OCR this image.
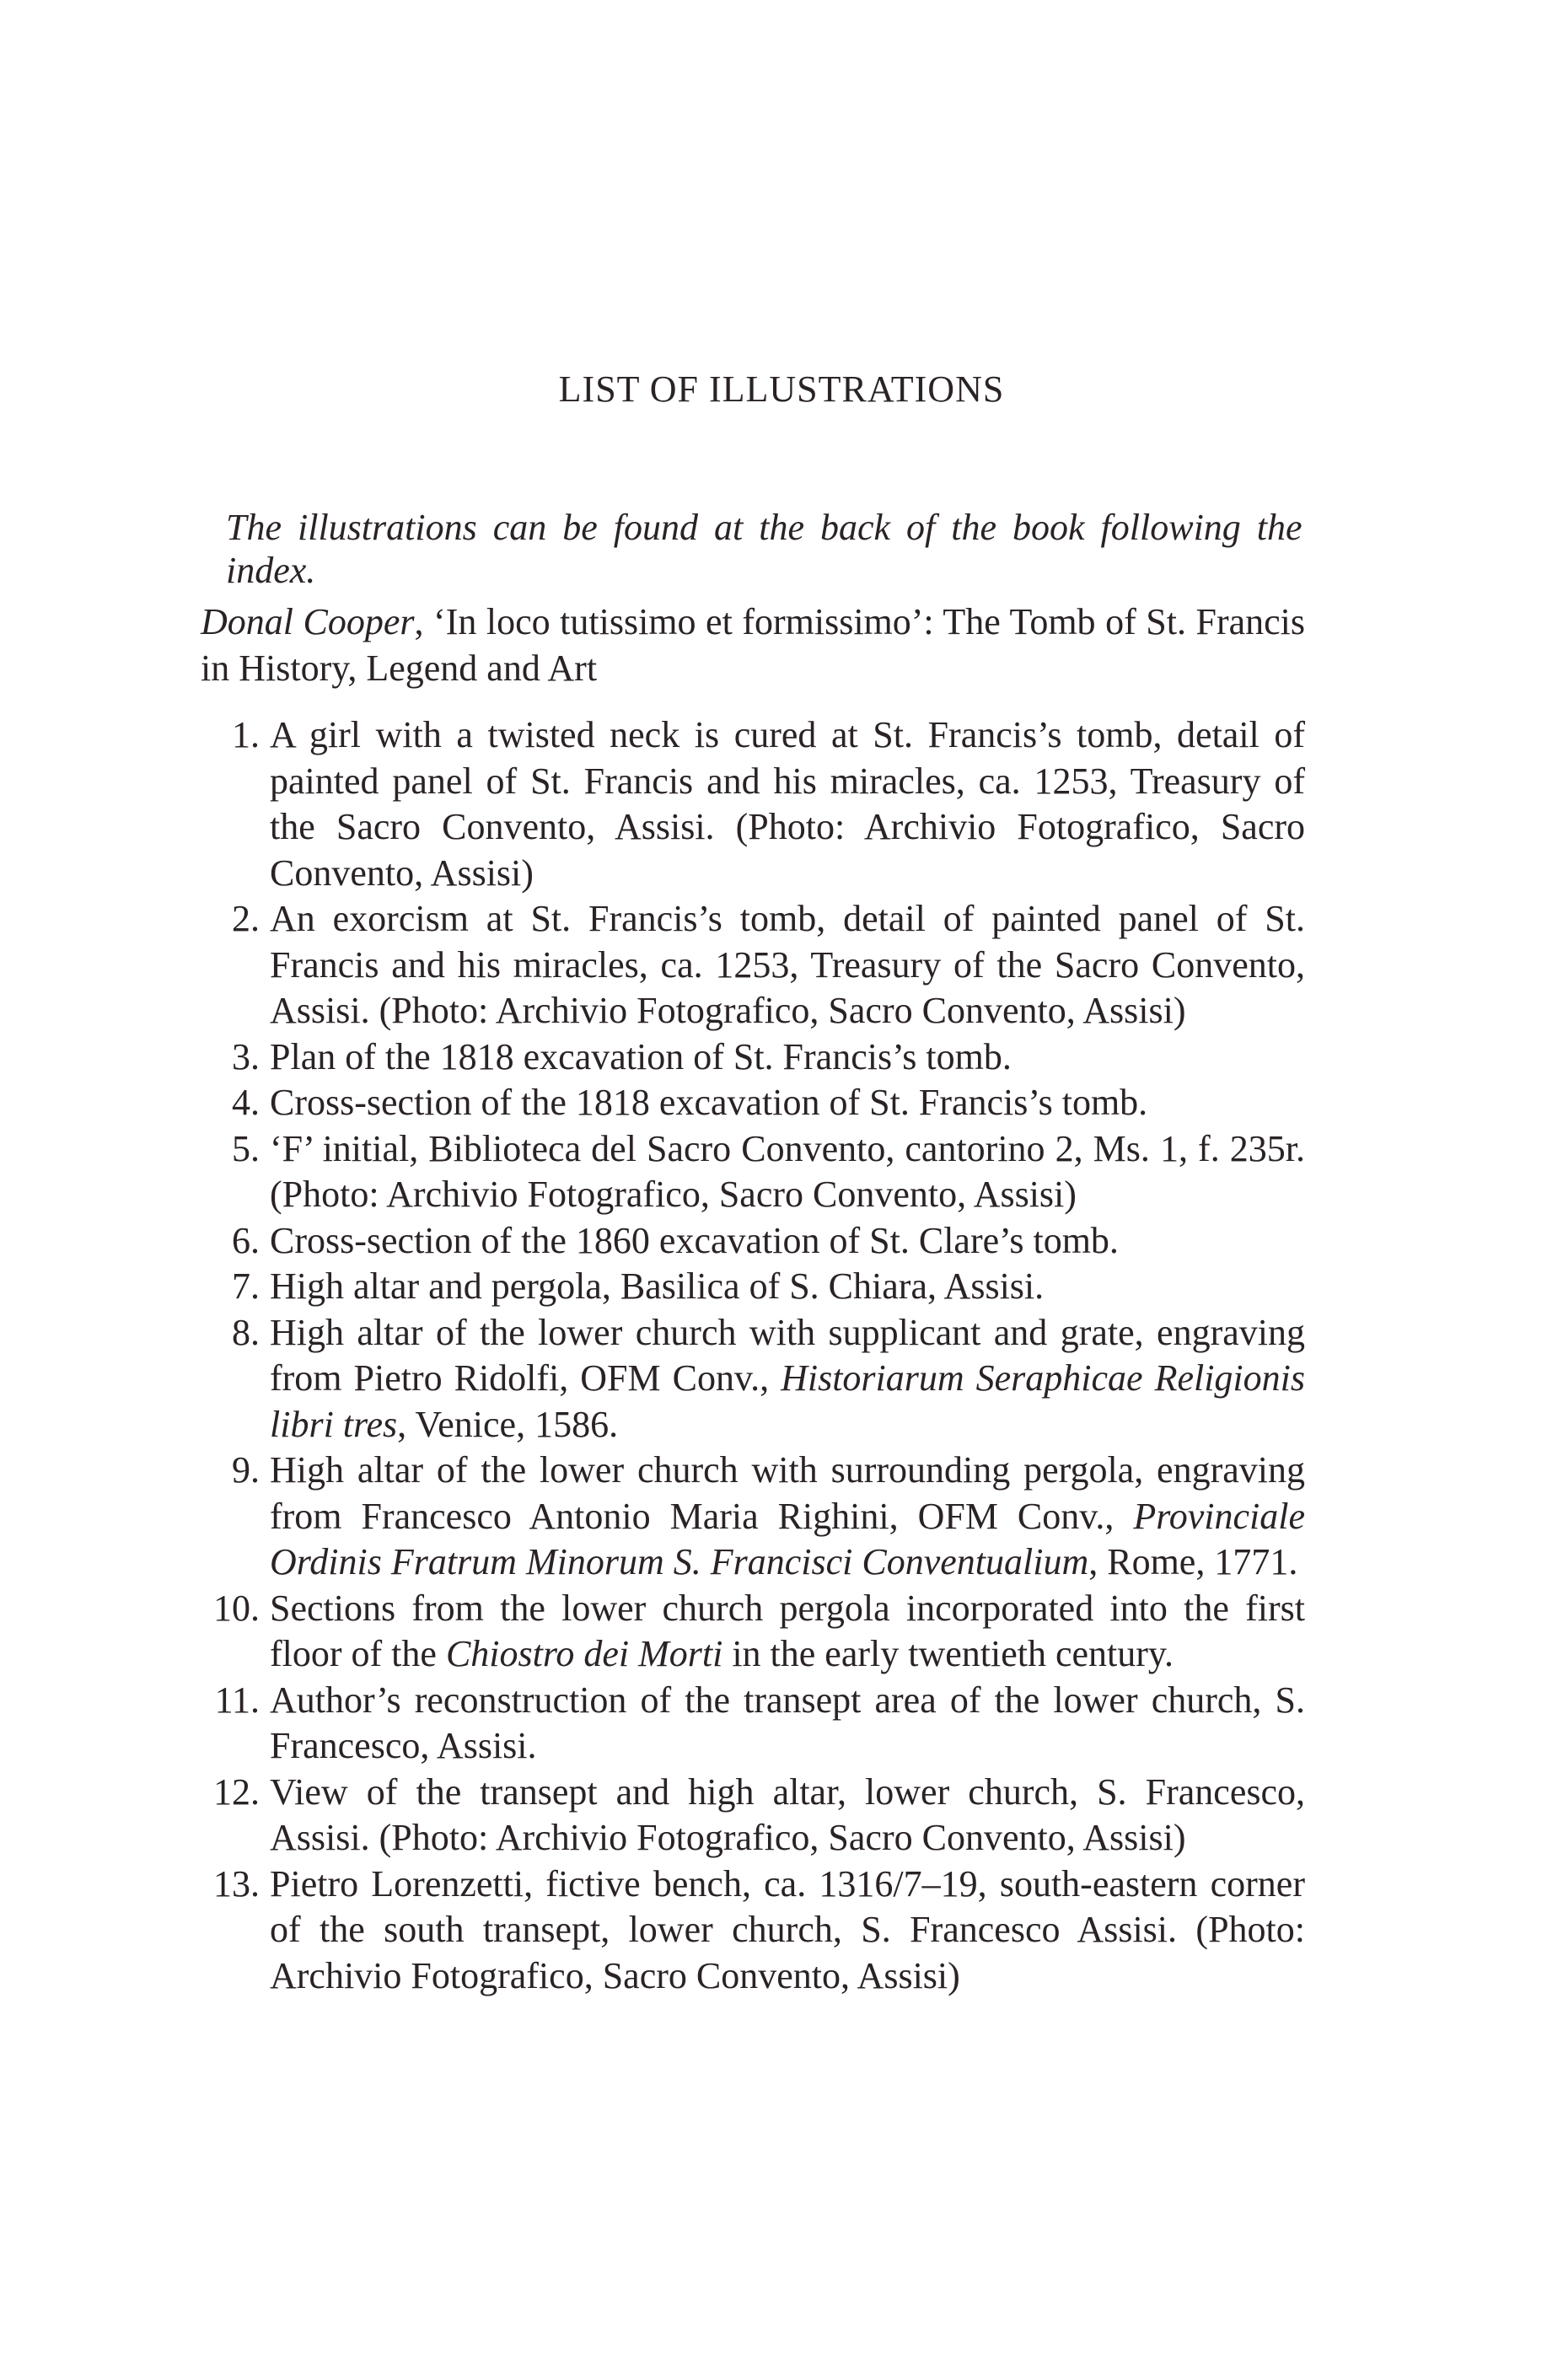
LIST OF ILLUSTRATIONS

The illustrations can be found at the back of the book following the index.

Donal Cooper, ‘In loco tutissimo et formissimo’: The Tomb of St. Francis in History, Legend and Art

1. A girl with a twisted neck is cured at St. Francis’s tomb, detail of painted panel of St. Francis and his miracles, ca. 1253, Treasury of the Sacro Convento, Assisi. (Photo: Archivio Fotografico, Sacro Convento, Assisi)
2. An exorcism at St. Francis’s tomb, detail of painted panel of St. Francis and his miracles, ca. 1253, Treasury of the Sacro Convento, Assisi. (Photo: Archivio Fotografico, Sacro Convento, Assisi)
3. Plan of the 1818 excavation of St. Francis’s tomb.
4. Cross-section of the 1818 excavation of St. Francis’s tomb.
5. ‘F’ initial, Biblioteca del Sacro Convento, cantorino 2, Ms. 1, f. 235r. (Photo: Archivio Fotografico, Sacro Convento, Assisi)
6. Cross-section of the 1860 excavation of St. Clare’s tomb.
7. High altar and pergola, Basilica of S. Chiara, Assisi.
8. High altar of the lower church with supplicant and grate, engraving from Pietro Ridolfi, OFM Conv., Historiarum Seraphicae Religionis libri tres, Venice, 1586.
9. High altar of the lower church with surrounding pergola, engraving from Francesco Antonio Maria Righini, OFM Conv., Provinciale Ordinis Fratrum Minorum S. Francisci Conventualium, Rome, 1771.
10. Sections from the lower church pergola incorporated into the first floor of the Chiostro dei Morti in the early twentieth century.
11. Author’s reconstruction of the transept area of the lower church, S. Francesco, Assisi.
12. View of the transept and high altar, lower church, S. Francesco, Assisi. (Photo: Archivio Fotografico, Sacro Convento, Assisi)
13. Pietro Lorenzetti, fictive bench, ca. 1316/7–19, south-eastern corner of the south transept, lower church, S. Francesco Assisi. (Photo: Archivio Fotografico, Sacro Convento, Assisi)
